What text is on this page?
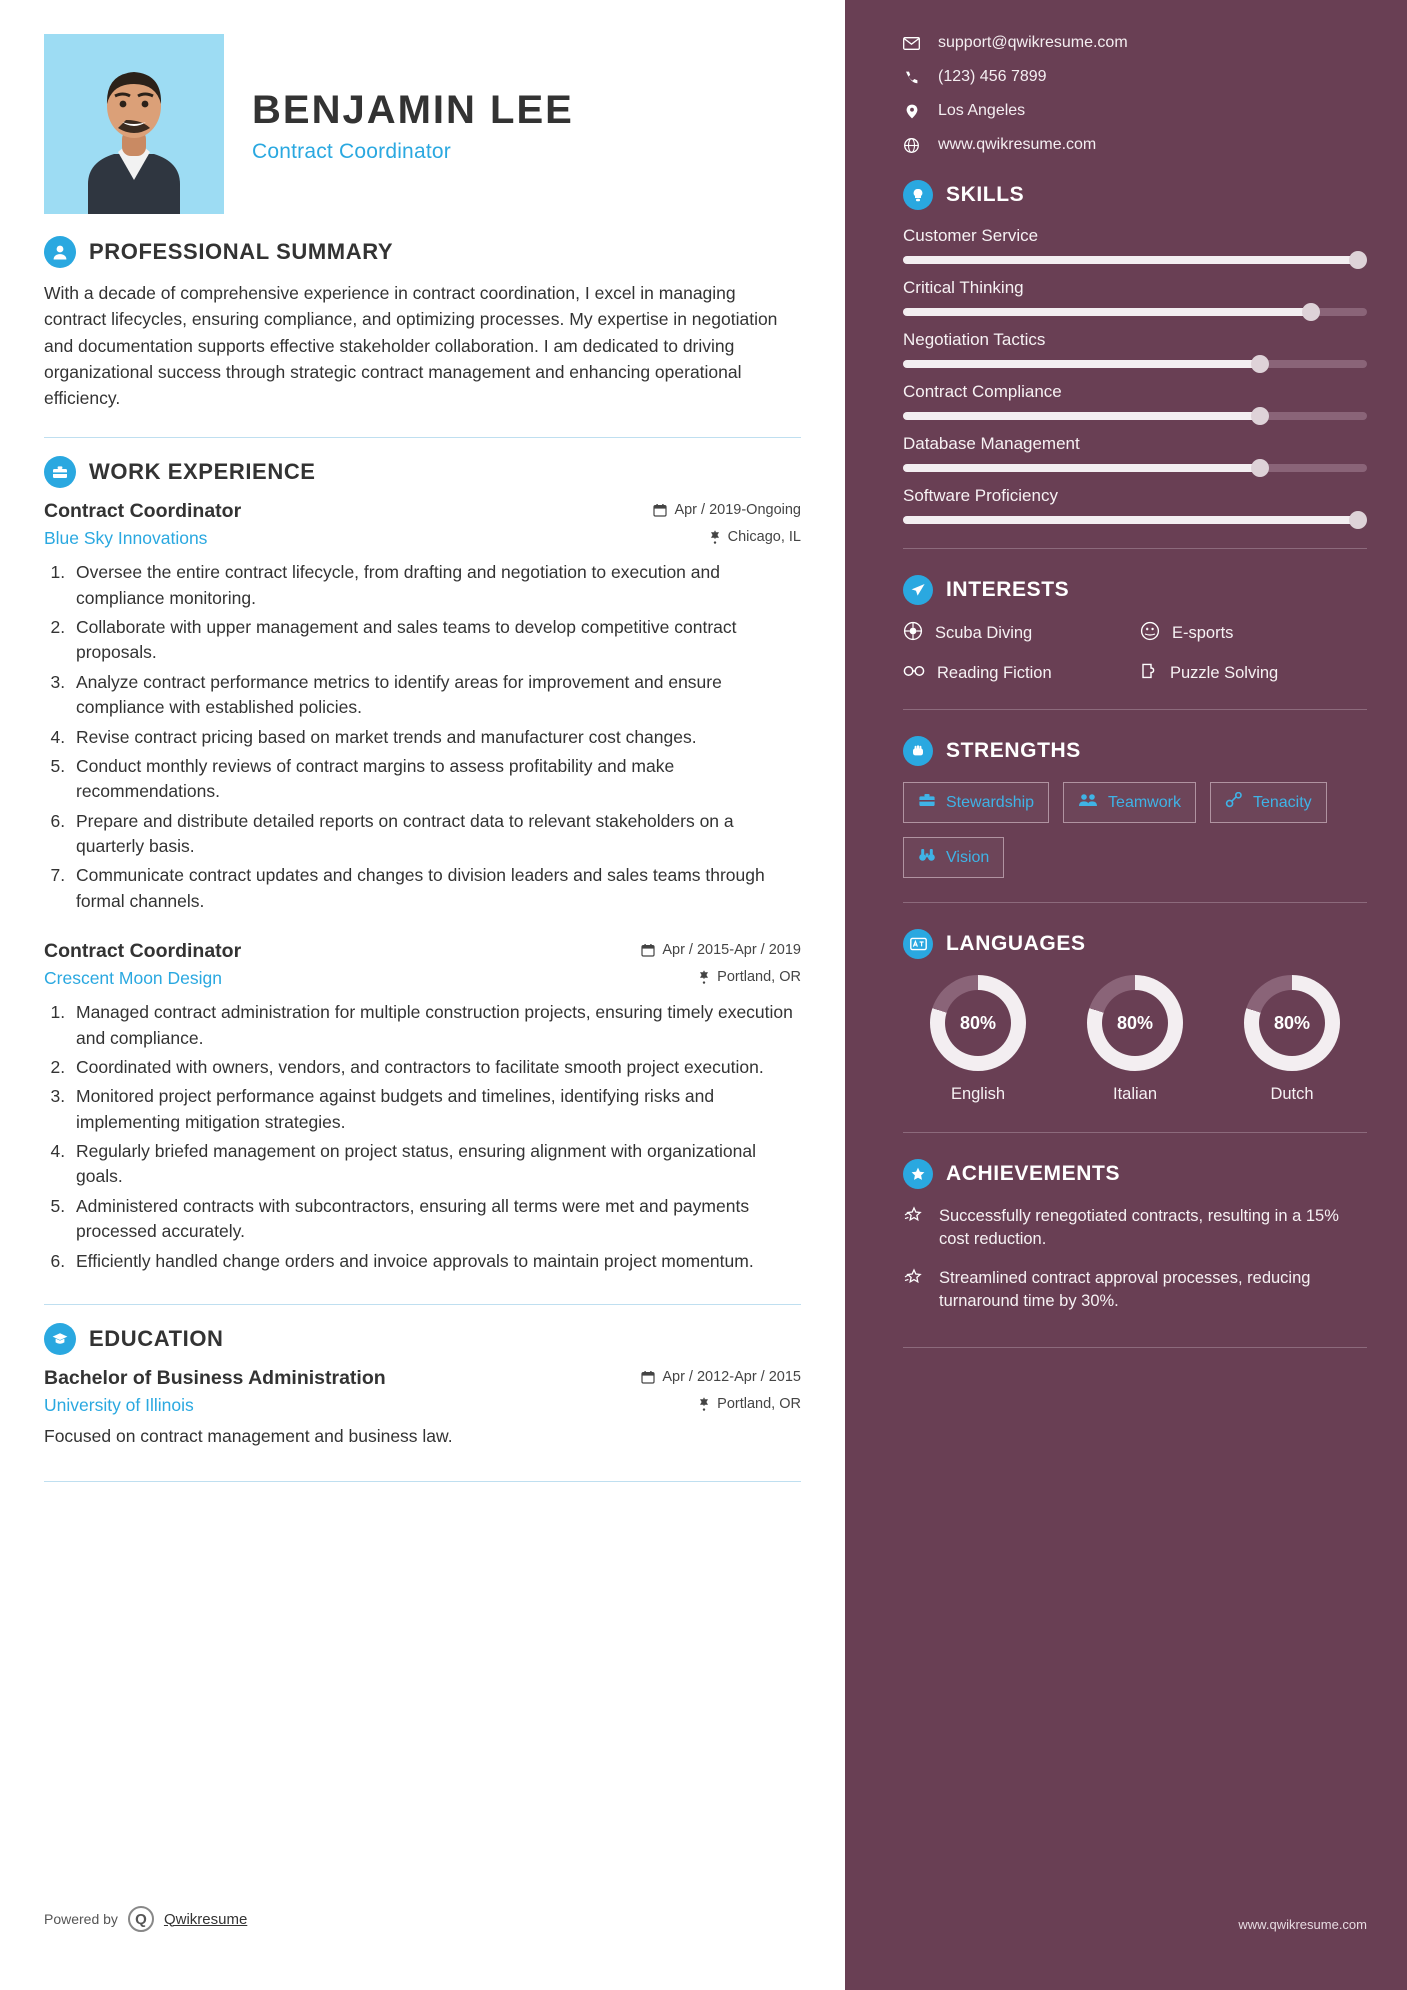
BENJAMIN LEE
Contract Coordinator
PROFESSIONAL SUMMARY
With a decade of comprehensive experience in contract coordination, I excel in managing contract lifecycles, ensuring compliance, and optimizing processes. My expertise in negotiation and documentation supports effective stakeholder collaboration. I am dedicated to driving organizational success through strategic contract management and enhancing operational efficiency.
WORK EXPERIENCE
Contract Coordinator	Apr / 2019-Ongoing
Blue Sky Innovations	Chicago, IL
1. Oversee the entire contract lifecycle, from drafting and negotiation to execution and compliance monitoring.
2. Collaborate with upper management and sales teams to develop competitive contract proposals.
3. Analyze contract performance metrics to identify areas for improvement and ensure compliance with established policies.
4. Revise contract pricing based on market trends and manufacturer cost changes.
5. Conduct monthly reviews of contract margins to assess profitability and make recommendations.
6. Prepare and distribute detailed reports on contract data to relevant stakeholders on a quarterly basis.
7. Communicate contract updates and changes to division leaders and sales teams through formal channels.
Contract Coordinator	Apr / 2015-Apr / 2019
Crescent Moon Design	Portland, OR
1. Managed contract administration for multiple construction projects, ensuring timely execution and compliance.
2. Coordinated with owners, vendors, and contractors to facilitate smooth project execution.
3. Monitored project performance against budgets and timelines, identifying risks and implementing mitigation strategies.
4. Regularly briefed management on project status, ensuring alignment with organizational goals.
5. Administered contracts with subcontractors, ensuring all terms were met and payments processed accurately.
6. Efficiently handled change orders and invoice approvals to maintain project momentum.
EDUCATION
Bachelor of Business Administration	Apr / 2012-Apr / 2015
University of Illinois	Portland, OR
Focused on contract management and business law.
Powered by	Q	Qwikresume
support@qwikresume.com
(123) 456 7899
Los Angeles
www.qwikresume.com
SKILLS
Customer Service
Critical Thinking
Negotiation Tactics
Contract Compliance
Database Management
Software Proficiency
INTERESTS
Scuba Diving	E-sports
Reading Fiction	Puzzle Solving
STRENGTHS
Stewardship	Teamwork	Tenacity
Vision
LANGUAGES
80%
English
80%
Italian
80%
Dutch
ACHIEVEMENTS
Successfully renegotiated contracts, resulting in a 15% cost reduction.
Streamlined contract approval processes, reducing turnaround time by 30%.
www.qwikresume.com
